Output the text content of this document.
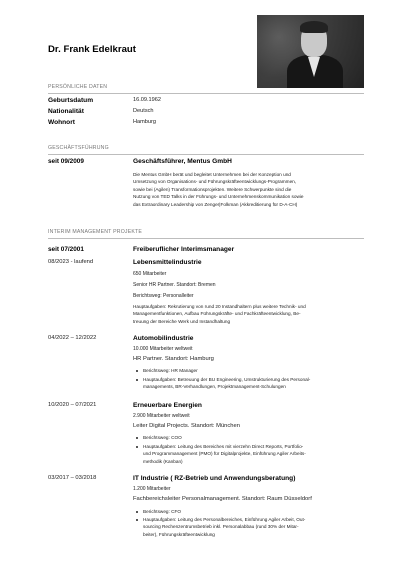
Dr. Frank Edelkraut
PERSÖNLICHE DATEN
Geburtsdatum	16.09.1962
Nationalität	Deutsch
Wohnort	Hamburg
GESCHÄFTSFÜHRUNG
seit 09/2009	Geschäftsführer, Mentus GmbH
Die Mentus GmbH berät und begleitet Unternehmen bei der Konzeption und
Umsetzung von Organisations- und Führungskräfteentwicklungs-Programmen,
sowie bei (Agilen) Transformationsprojekten. Weitere Schwerpunkte sind die
Nutzung von TED Talks in der Führungs- und Unternehmenskommunikation sowie
das Extraordinary Leadership von Zenger|Folkman (Akkreditierung für D-A-CH)
INTERIM MANAGEMENT PROJEKTE
seit 07/2001	Freiberuflicher Interimsmanager
08/2023 - laufend	Lebensmittelindustrie
650 Mitarbeiter
Senior HR Partner. Standort: Bremen
Berichtsweg: Personalleiter
Hauptaufgaben: Rekrutierung von rund 20 Instandhaltern plus weitere Technik- und
Managementfunktionen, Aufbau Führungskräfte- und Fachkräfteentwicklung, Be-
treuung der Bereiche Werk und Instandhaltung
04/2022 – 12/2022	Automobilindustrie
10.000 Mitarbeiter weltweit
HR Partner. Standort: Hamburg
Berichtsweg: HR Manager
Hauptaufgaben: Betreuung der BU Engineering, Umstrukturierung des Personal-
managements, BR-Verhandlungen, Projektmanagement-Schulungen
10/2020 – 07/2021	Erneuerbare Energien
2.900 Mitarbeiter weltweit
Leiter Digital Projects. Standort: München
Berichtsweg: COO
Hauptaufgaben: Leitung des Bereiches mit vierzehn Direct Reports, Portfolio-
und Programmanagement (PMO) für Digitalprojekte, Einführung Agiler Arbeits-
methodik (Kanban)
03/2017 – 03/2018	IT Industrie ( RZ-Betrieb und Anwendungsberatung)
1.200 Mitarbeiter
Fachbereichsleiter Personalmanagement. Standort: Raum Düsseldorf
Berichtsweg: CFO
Hauptaufgaben: Leitung des Personalbereiches, Einführung Agiler Arbeit, Out-
sourcing Rechenzentrumsbetrieb inkl. Personalabbau (rund 30% der Mitar-
beiter), Führungskräfteentwicklung
